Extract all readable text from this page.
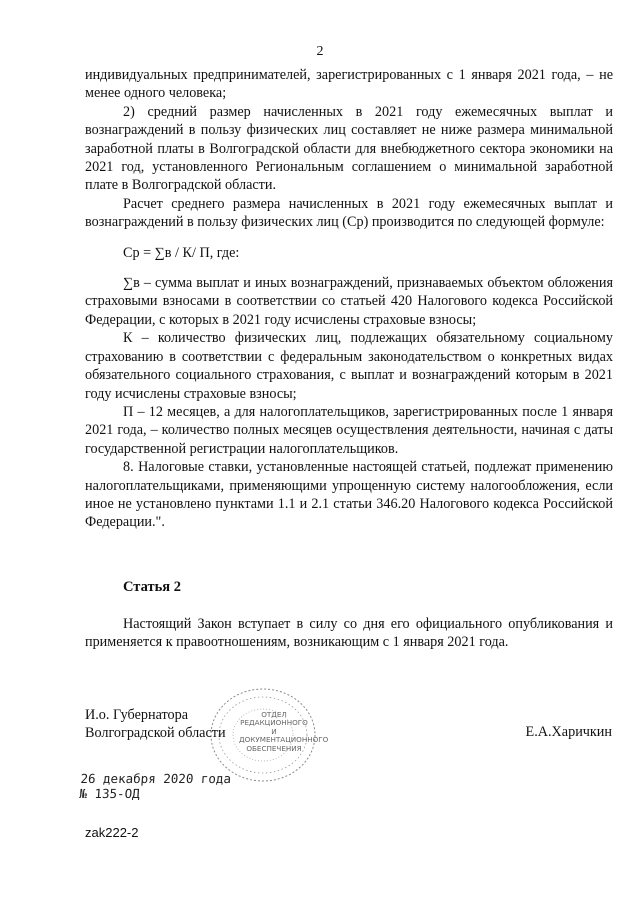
2

индивидуальных предпринимателей, зарегистрированных с 1 января 2021 года, – не менее одного человека;

2) средний размер начисленных в 2021 году ежемесячных выплат и вознаграждений в пользу физических лиц составляет не ниже размера минимальной заработной платы в Волгоградской области для внебюджетного сектора экономики на 2021 год, установленного Региональным соглашением о минимальной заработной плате в Волгоградской области.

Расчет среднего размера начисленных в 2021 году ежемесячных выплат и вознаграждений в пользу физических лиц (Ср) производится по следующей формуле:

Ср = ∑в / К/ П, где:

∑в – сумма выплат и иных вознаграждений, признаваемых объектом обложения страховыми взносами в соответствии со статьей 420 Налогового кодекса Российской Федерации, с которых в 2021 году исчислены страховые взносы;

К – количество физических лиц, подлежащих обязательному социальному страхованию в соответствии с федеральным законодательством о конкретных видах обязательного социального страхования, с выплат и вознаграждений которым в 2021 году исчислены страховые взносы;

П – 12 месяцев, а для налогоплательщиков, зарегистрированных после 1 января 2021 года, – количество полных месяцев осуществления деятельности, начиная с даты государственной регистрации налогоплательщиков.

8. Налоговые ставки, установленные настоящей статьей, подлежат применению налогоплательщиками, применяющими упрощенную систему налогообложения, если иное не установлено пунктами 1.1 и 2.1 статьи 346.20 Налогового кодекса Российской Федерации.".

Статья 2

Настоящий Закон вступает в силу со дня его официального опубликования и применяется к правоотношениям, возникающим с 1 января 2021 года.

ОТДЕЛ
РЕДАКЦИОННОГО И
ДОКУМЕНТАЦИОННОГО
ОБЕСПЕЧЕНИЯ
И.о. Губернатора
Волгоградской области	Е.А.Харичкин
26 декабря 2020 года
№ 135-ОД
zak222-2
